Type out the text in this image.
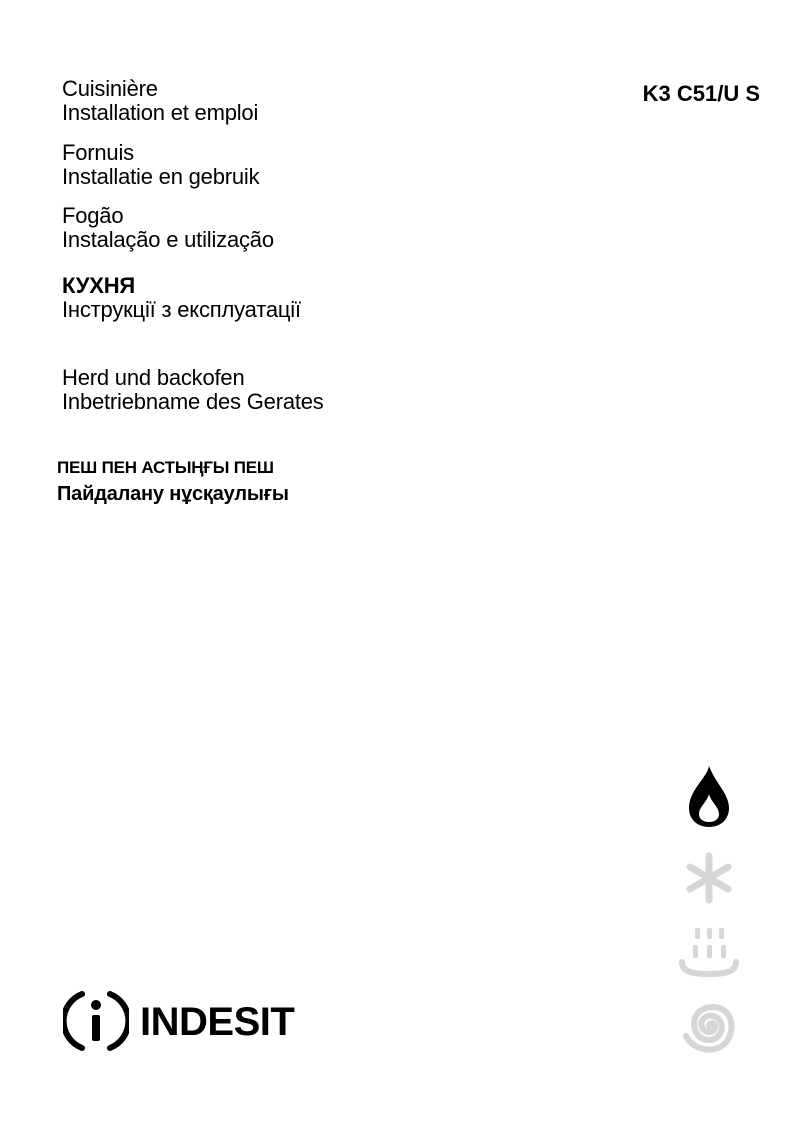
K3 C51/U S
Cuisinière
Installation et emploi
Fornuis
Installatie en gebruik
Fogão
Instalação e utilização
КУХНЯ
Інструкції з експлуатації
Herd und backofen
Inbetriebname des Gerates
ПЕШ ПЕН АСТЫҢҒЫ ПЕШ
Пайдалану нұсқаулығы
INDESIT
